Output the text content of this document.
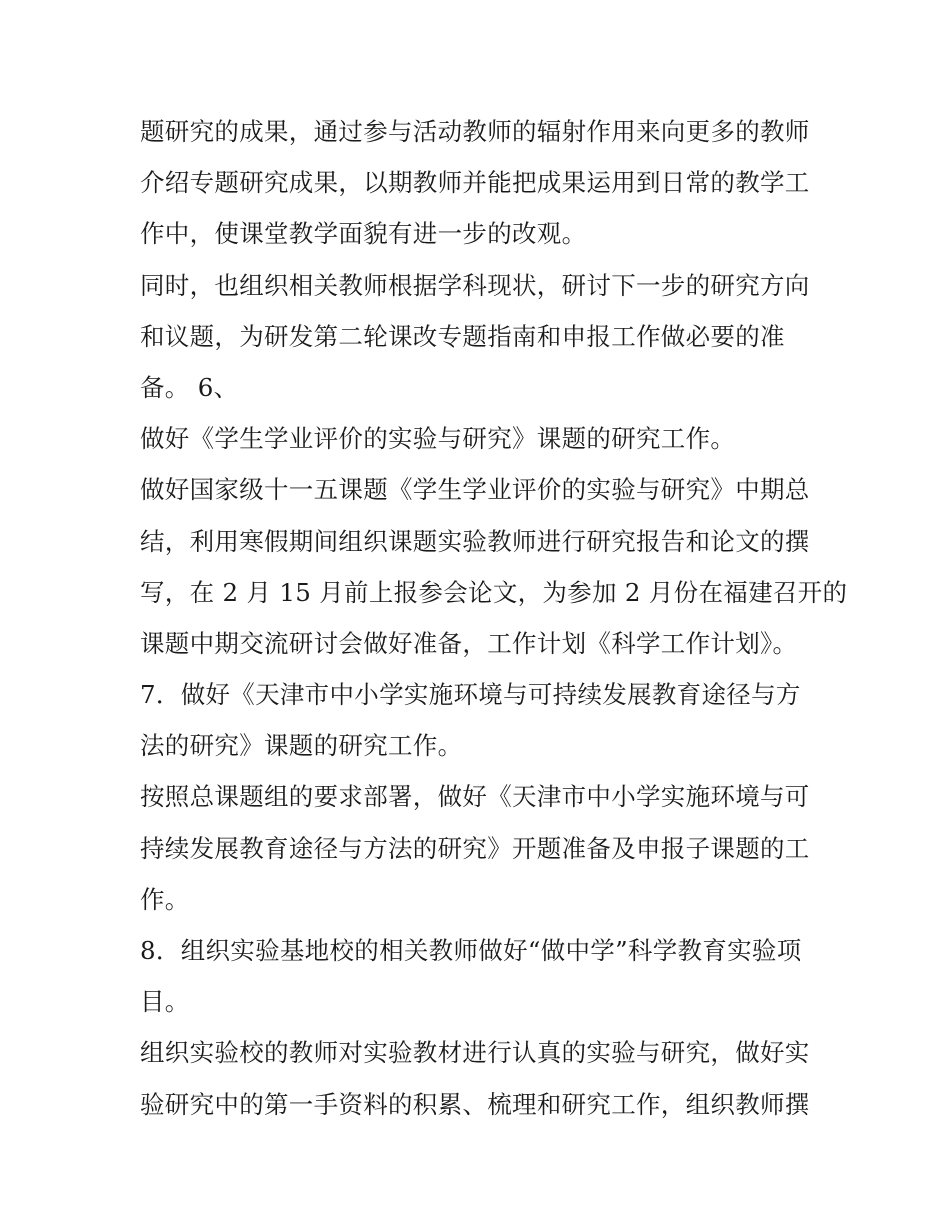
题研究的成果，通过参与活动教师的辐射作用来向更多的教师
介绍专题研究成果，以期教师并能把成果运用到日常的教学工
作中，使课堂教学面貌有进一步的改观。
同时，也组织相关教师根据学科现状，研讨下一步的研究方向
和议题，为研发第二轮课改专题指南和申报工作做必要的准
备。 6、
做好《学生学业评价的实验与研究》课题的研究工作。
做好国家级十一五课题《学生学业评价的实验与研究》中期总
结，利用寒假期间组织课题实验教师进行研究报告和论文的撰
写，在 2 月 15 月前上报参会论文，为参加 2 月份在福建召开的
课题中期交流研讨会做好准备，工作计划《科学工作计划》。
7．做好《天津市中小学实施环境与可持续发展教育途径与方
法的研究》课题的研究工作。
按照总课题组的要求部署，做好《天津市中小学实施环境与可
持续发展教育途径与方法的研究》开题准备及申报子课题的工
作。
8．组织实验基地校的相关教师做好“做中学”科学教育实验项
目。
组织实验校的教师对实验教材进行认真的实验与研究，做好实
验研究中的第一手资料的积累、梳理和研究工作，组织教师撰
